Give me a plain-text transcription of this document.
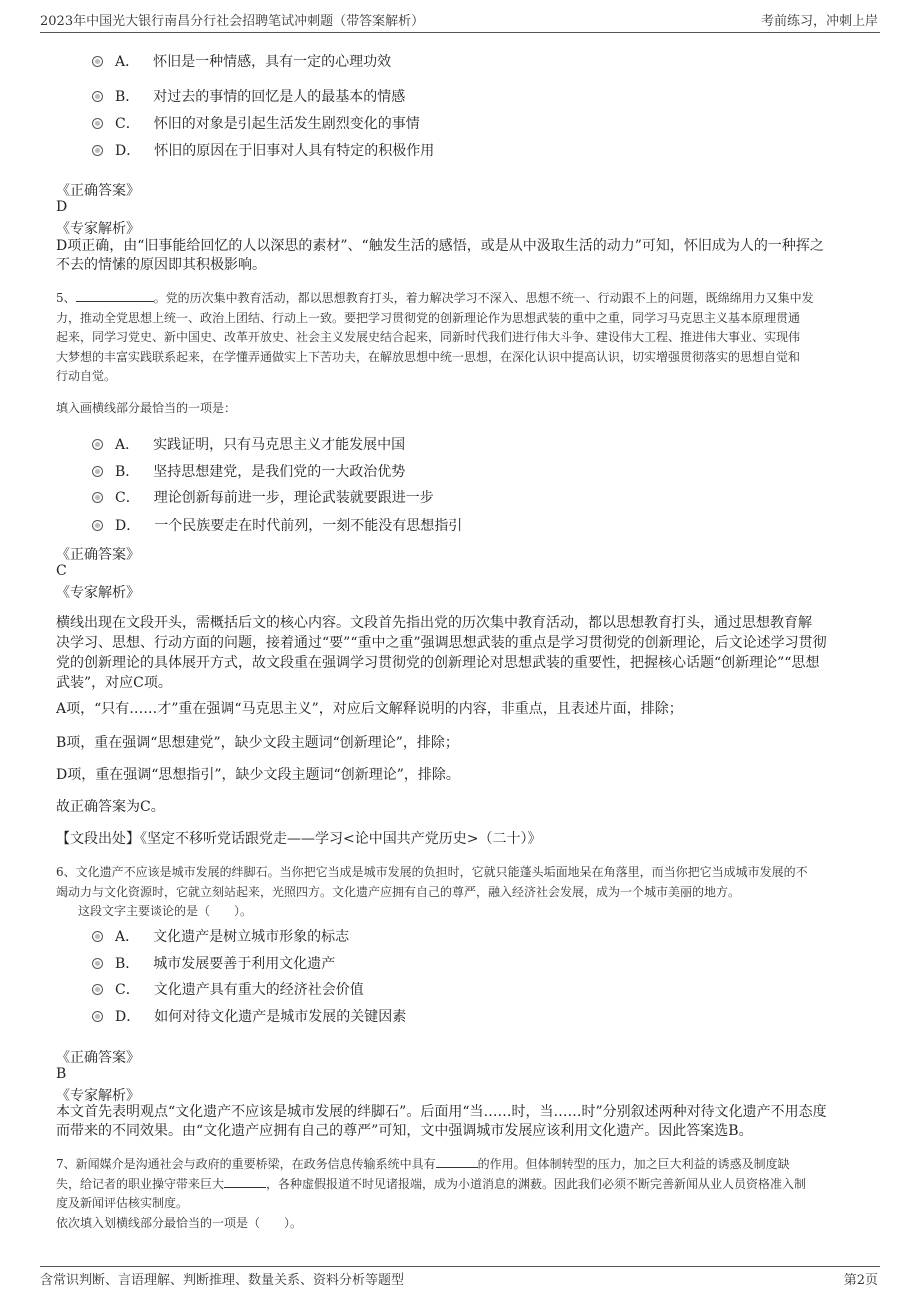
2023年中国光大银行南昌分行社会招聘笔试冲刺题（带答案解析）	考前练习，冲刺上岸
A． 怀旧是一种情感，具有一定的心理功效
B． 对过去的事情的回忆是人的最基本的情感
C． 怀旧的对象是引起生活发生剧烈变化的事情
D． 怀旧的原因在于旧事对人具有特定的积极作用
《正确答案》
D
《专家解析》
D项正确，由“旧事能给回忆的人以深思的素材”、“触发生活的感悟，或是从中汲取生活的动力”可知，怀旧成为人的一种挥之
不去的情愫的原因即其积极影响。
5、	。党的历次集中教育活动，都以思想教育打头，着力解决学习不深入、思想不统一、行动跟不上的问题，既绵绵用力又集中发
力，推动全党思想上统一、政治上团结、行动上一致。要把学习贯彻党的创新理论作为思想武装的重中之重，同学习马克思主义基本原理贯通
起来，同学习党史、新中国史、改革开放史、社会主义发展史结合起来，同新时代我们进行伟大斗争、建设伟大工程、推进伟大事业、实现伟
大梦想的丰富实践联系起来，在学懂弄通做实上下苦功夫，在解放思想中统一思想，在深化认识中提高认识，切实增强贯彻落实的思想自觉和
行动自觉。
填入画横线部分最恰当的一项是：
A． 实践证明，只有马克思主义才能发展中国
B． 坚持思想建党，是我们党的一大政治优势
C． 理论创新每前进一步，理论武装就要跟进一步
D． 一个民族要走在时代前列，一刻不能没有思想指引
《正确答案》
C
《专家解析》
横线出现在文段开头，需概括后文的核心内容。文段首先指出党的历次集中教育活动，都以思想教育打头，通过思想教育解
决学习、思想、行动方面的问题，接着通过“要”“重中之重”强调思想武装的重点是学习贯彻党的创新理论，后文论述学习贯彻
党的创新理论的具体展开方式，故文段重在强调学习贯彻党的创新理论对思想武装的重要性，把握核心话题“创新理论”“思想
武装”，对应C项。
A项，“只有……才”重在强调“马克思主义”，对应后文解释说明的内容，非重点，且表述片面，排除；
B项，重在强调“思想建党”，缺少文段主题词“创新理论”，排除；
D项，重在强调“思想指引”，缺少文段主题词“创新理论”，排除。
故正确答案为C。
【文段出处】《坚定不移听党话跟党走——学习<论中国共产党历史>（二十）》
6、文化遗产不应该是城市发展的绊脚石。当你把它当成是城市发展的负担时，它就只能蓬头垢面地呆在角落里，而当你把它当成城市发展的不
竭动力与文化资源时，它就立刻站起来，光照四方。文化遗产应拥有自己的尊严，融入经济社会发展，成为一个城市美丽的地方。
这段文字主要谈论的是（　　）。
A． 文化遗产是树立城市形象的标志
B． 城市发展要善于利用文化遗产
C． 文化遗产具有重大的经济社会价值
D． 如何对待文化遗产是城市发展的关键因素
《正确答案》
B
《专家解析》
本文首先表明观点“文化遗产不应该是城市发展的绊脚石”。后面用“当……时，当……时”分别叙述两种对待文化遗产不用态度
而带来的不同效果。由“文化遗产应拥有自己的尊严”可知，文中强调城市发展应该利用文化遗产。因此答案选B。
7、新闻媒介是沟通社会与政府的重要桥梁，在政务信息传输系统中具有	的作用。但体制转型的压力，加之巨大利益的诱惑及制度缺
失，给记者的职业操守带来巨大	，各种虚假报道不时见诸报端，成为小道消息的渊薮。因此我们必须不断完善新闻从业人员资格准入制
度及新闻评估核实制度。
依次填入划横线部分最恰当的一项是（　　）。
含常识判断、言语理解、判断推理、数量关系、资料分析等题型	第2页
